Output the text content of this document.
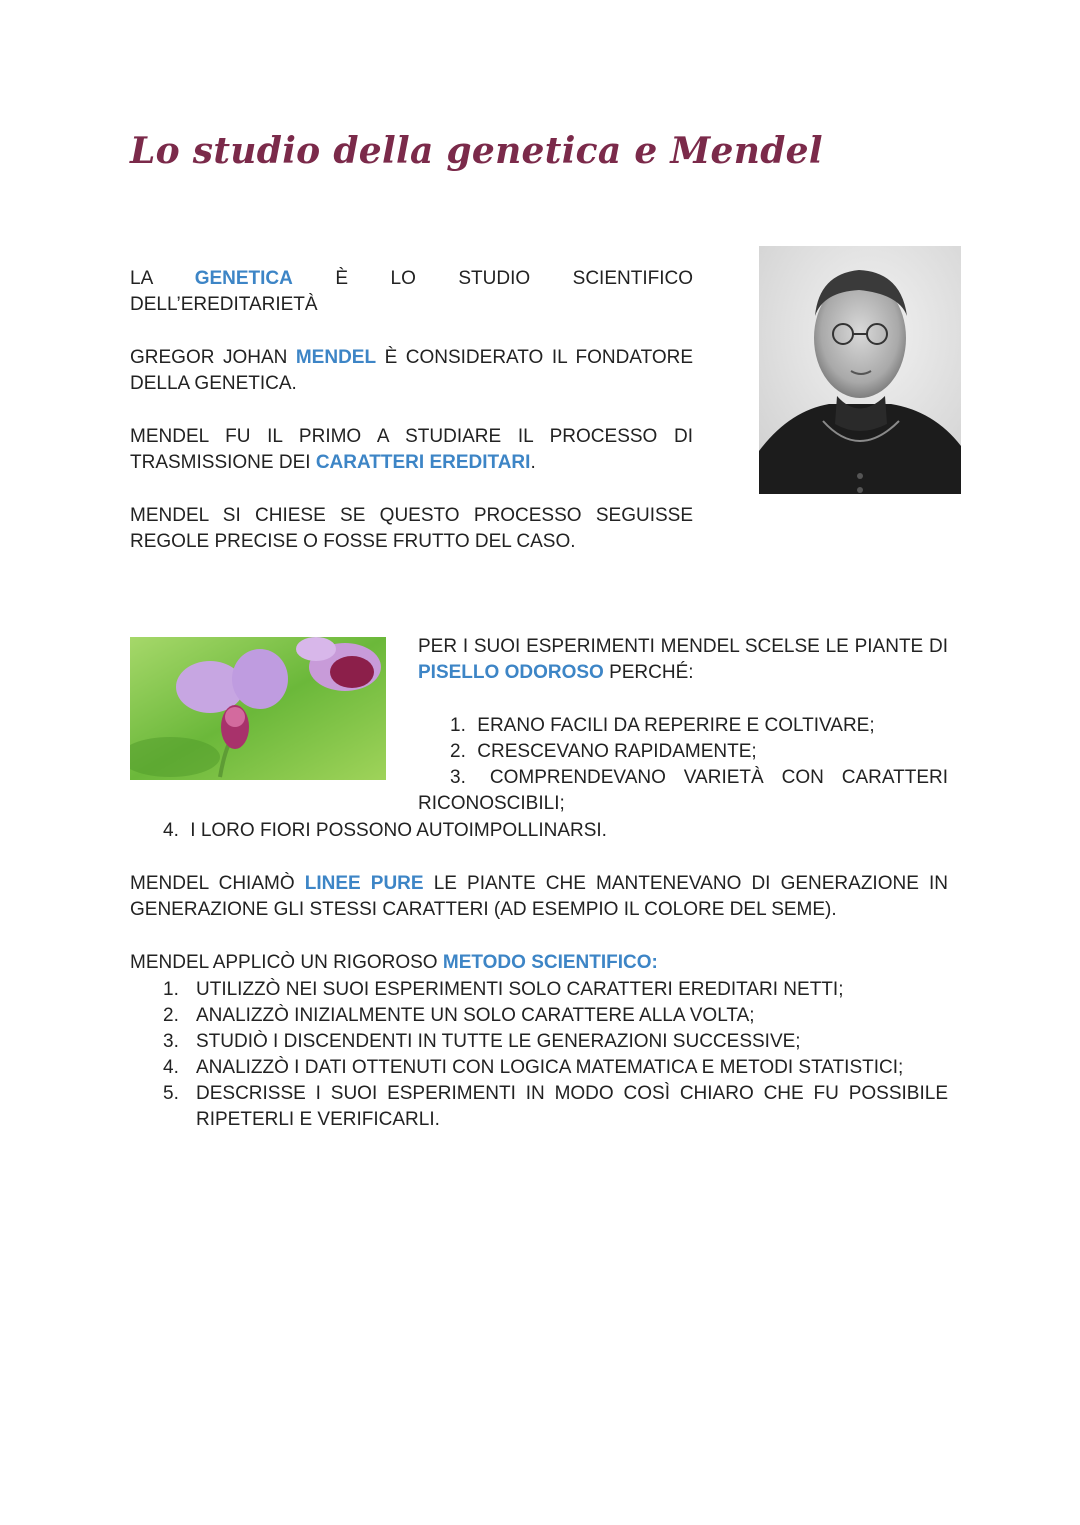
Lo studio della genetica e Mendel

LA GENETICA È LO STUDIO SCIENTIFICO DELL’EREDITARIETÀ

GREGOR JOHAN MENDEL È CONSIDERATO IL FONDATORE DELLA GENETICA.

MENDEL FU IL PRIMO A STUDIARE IL PROCESSO DI TRASMISSIONE DEI CARATTERI EREDITARI.

MENDEL SI CHIESE SE QUESTO PROCESSO SEGUISSE REGOLE PRECISE O FOSSE FRUTTO DEL CASO.

PER I SUOI ESPERIMENTI MENDEL SCELSE LE PIANTE DI PISELLO ODOROSO PERCHÉ:

1. ERANO FACILI DA REPERIRE E COLTIVARE;
2. CRESCEVANO RAPIDAMENTE;
3. COMPRENDEVANO VARIETÀ CON CARATTERI
RICONOSCIBILI;
4. I LORO FIORI POSSONO AUTOIMPOLLINARSI.

MENDEL CHIAMÒ LINEE PURE LE PIANTE CHE MANTENEVANO DI GENERAZIONE IN GENERAZIONE GLI STESSI CARATTERI (AD ESEMPIO IL COLORE DEL SEME).

MENDEL APPLICÒ UN RIGOROSO METODO SCIENTIFICO:

1. UTILIZZÒ NEI SUOI ESPERIMENTI SOLO CARATTERI EREDITARI NETTI;
2. ANALIZZÒ INIZIALMENTE UN SOLO CARATTERE ALLA VOLTA;
3. STUDIÒ I DISCENDENTI IN TUTTE LE GENERAZIONI SUCCESSIVE;
4. ANALIZZÒ I DATI OTTENUTI CON LOGICA MATEMATICA E METODI STATISTICI;
5. DESCRISSE I SUOI ESPERIMENTI IN MODO COSÌ CHIARO CHE FU POSSIBILE RIPETERLI E VERIFICARLI.
